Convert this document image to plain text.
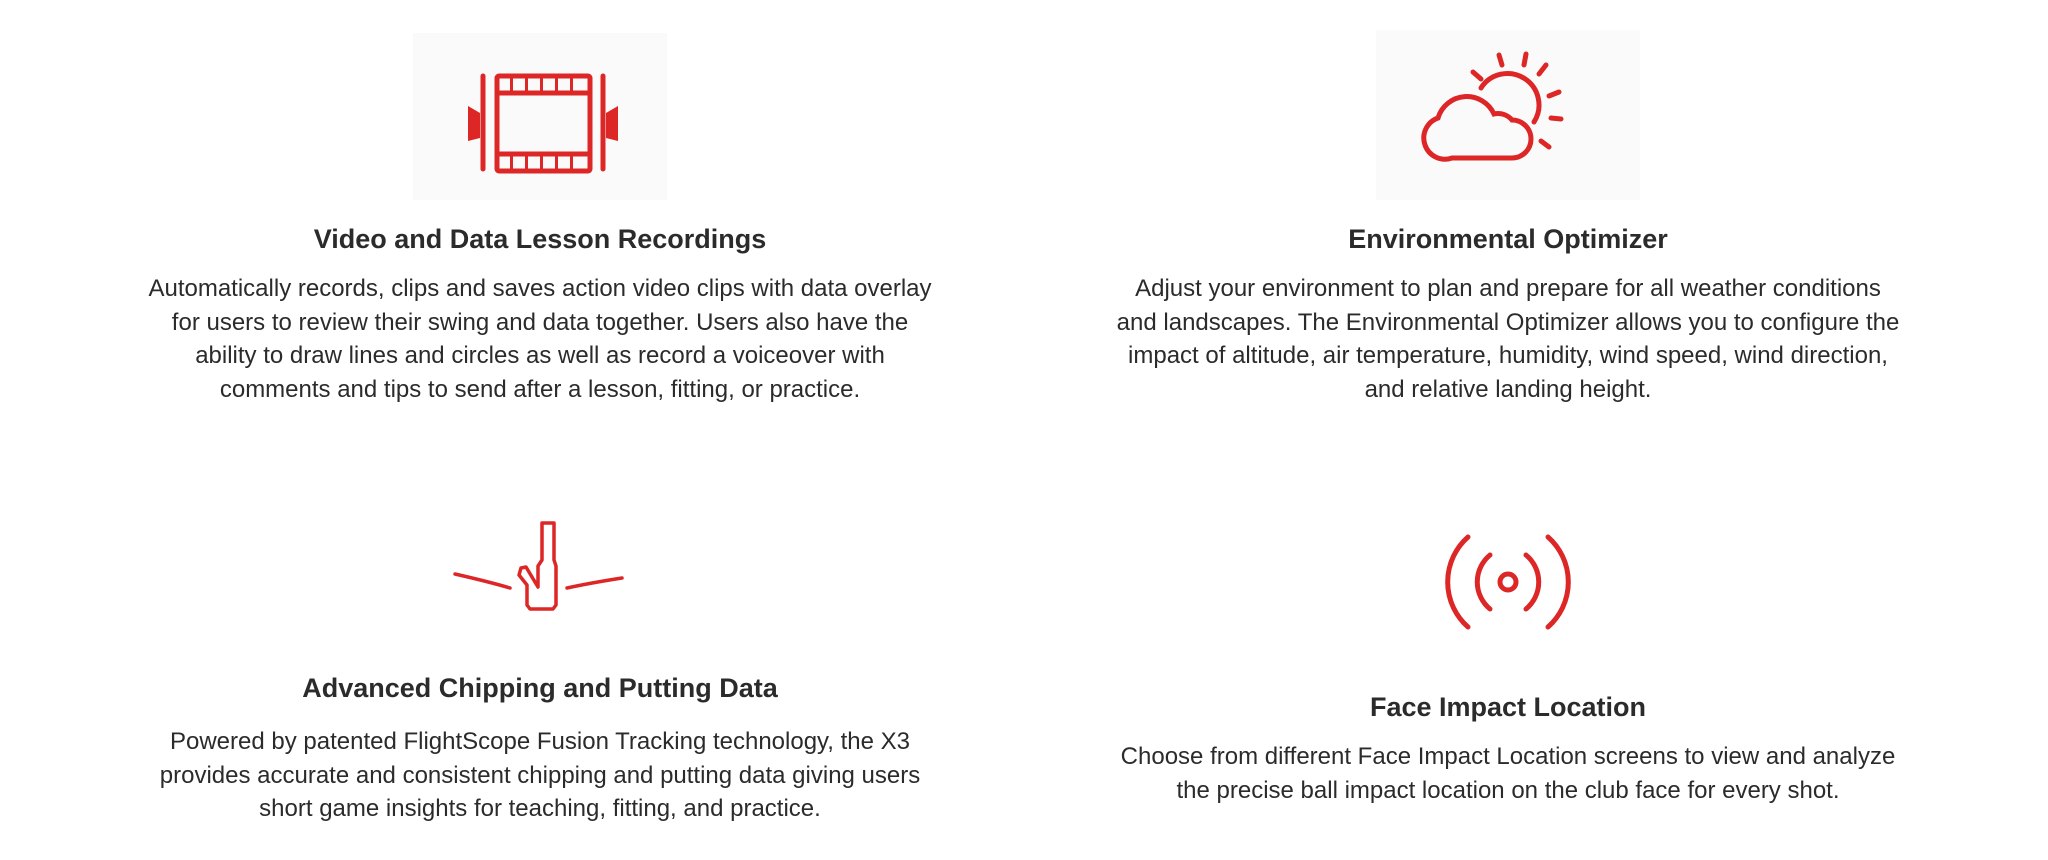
Video and Data Lesson Recordings

Automatically records, clips and saves action video clips with data overlay
for users to review their swing and data together. Users also have the
ability to draw lines and circles as well as record a voiceover with
comments and tips to send after a lesson, fitting, or practice.

Environmental Optimizer

Adjust your environment to plan and prepare for all weather conditions
and landscapes. The Environmental Optimizer allows you to configure the
impact of altitude, air temperature, humidity, wind speed, wind direction,
and relative landing height.

Advanced Chipping and Putting Data

Powered by patented FlightScope Fusion Tracking technology, the X3
provides accurate and consistent chipping and putting data giving users
short game insights for teaching, fitting, and practice.

Face Impact Location

Choose from different Face Impact Location screens to view and analyze
the precise ball impact location on the club face for every shot.
